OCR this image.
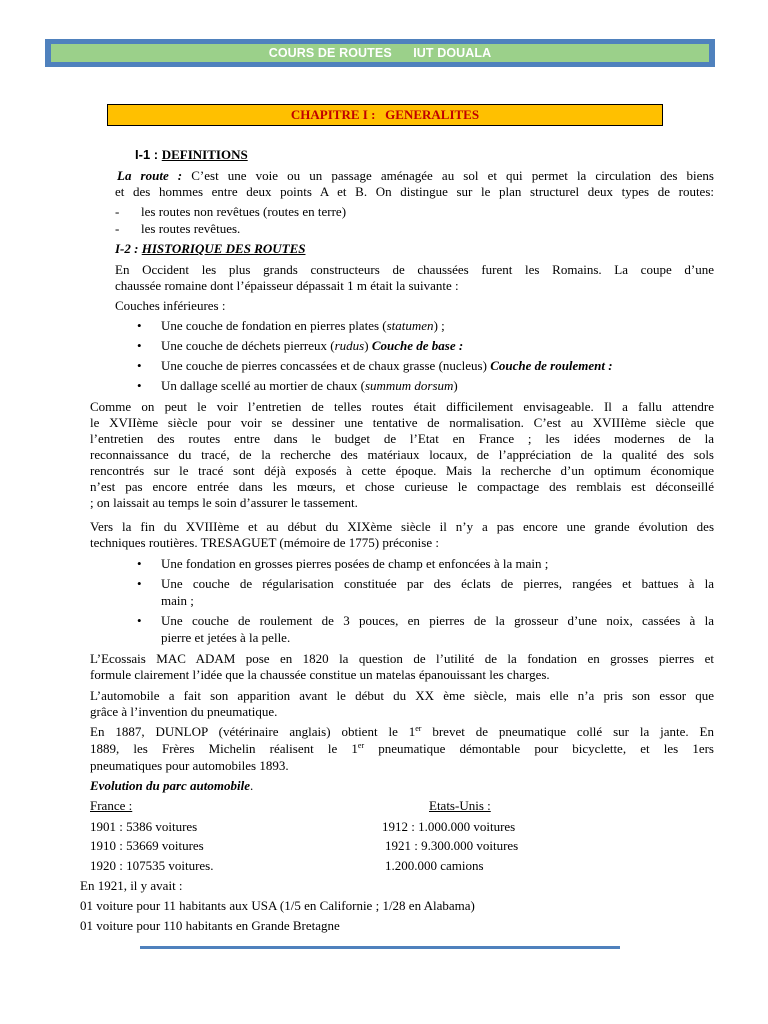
COURS DE ROUTES      IUT DOUALA
CHAPITRE I :   GENERALITES
I-1 : DEFINITIONS
La route : C’est une voie ou un passage aménagée au sol et qui permet la circulation des biens
et des hommes entre deux points A et B. On distingue sur le plan structurel deux types de routes:
- les routes non revêtues (routes en terre)
- les routes revêtues.
I-2 : HISTORIQUE DES ROUTES
En Occident les plus grands constructeurs de chaussées furent les Romains. La coupe d’une
chaussée romaine dont l’épaisseur dépassait 1 m était la suivante :
Couches inférieures :
• Une couche de fondation en pierres plates (statumen) ;
• Une couche de déchets pierreux (rudus) Couche de base :
• Une couche de pierres concassées et de chaux grasse (nucleus) Couche de roulement :
• Un dallage scellé au mortier de chaux (summum dorsum)
Comme on peut le voir l’entretien de telles routes était difficilement envisageable. Il a fallu attendre
le XVIIème siècle pour voir se dessiner une tentative de normalisation. C’est au XVIIIème siècle que
l’entretien des routes entre dans le budget de l’Etat en France ; les idées modernes de la
reconnaissance du tracé, de la recherche des matériaux locaux, de l’appréciation de la qualité des sols
rencontrés sur le tracé sont déjà exposés à cette époque. Mais la recherche d’un optimum économique
n’est pas encore entrée dans les mœurs, et chose curieuse le compactage des remblais est déconseillé
; on laissait au temps le soin d’assurer le tassement.
Vers la fin du XVIIIème et au début du XIXème siècle il n’y a pas encore une grande évolution des
techniques routières. TRESAGUET (mémoire de 1775) préconise :
• Une fondation en grosses pierres posées de champ et enfoncées à la main ;
• Une couche de régularisation constituée par des éclats de pierres, rangées et battues à la
main ;
• Une couche de roulement de 3 pouces, en pierres de la grosseur d’une noix, cassées à la
pierre et jetées à la pelle.
L’Ecossais MAC ADAM pose en 1820 la question de l’utilité de la fondation en grosses pierres et
formule clairement l’idée que la chaussée constitue un matelas épanouissant les charges.
L’automobile a fait son apparition avant le début du XX ème siècle, mais elle n’a pris son essor que
grâce à l’invention du pneumatique.
En 1887, DUNLOP (vétérinaire anglais) obtient le 1er brevet de pneumatique collé sur la jante. En
1889, les Frères Michelin réalisent le 1er pneumatique démontable pour bicyclette, et les 1ers
pneumatiques pour automobiles 1893.
Evolution du parc automobile.
France :	Etats-Unis :
1901 : 5386 voitures
1910 : 53669 voitures
1920 : 107535 voitures.
1912 : 1.000.000 voitures
1921 : 9.300.000 voitures
1.200.000 camions
En 1921, il y avait :
01 voiture pour 11 habitants aux USA (1/5 en Californie ; 1/28 en Alabama)
01 voiture pour 110 habitants en Grande Bretagne
